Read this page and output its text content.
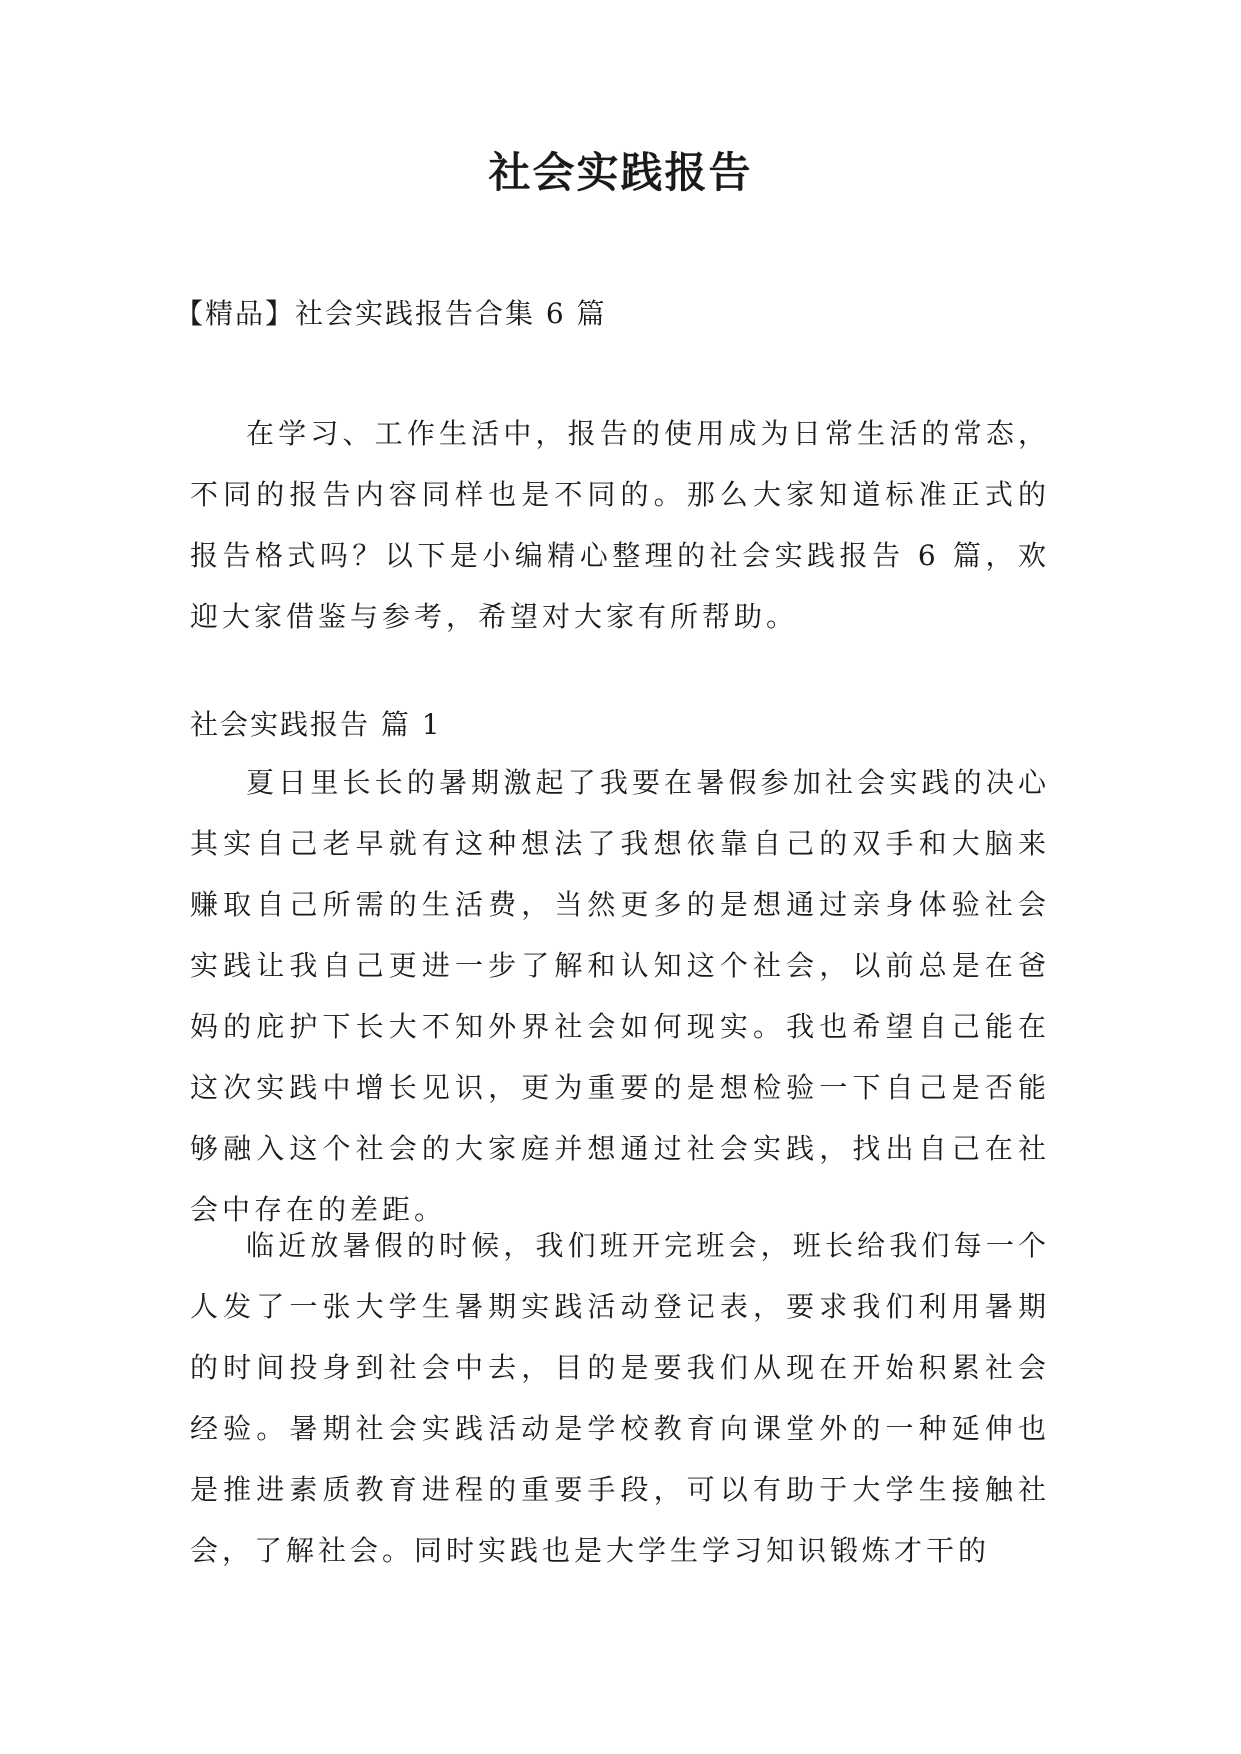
社会实践报告
【精品】社会实践报告合集 6 篇

在学习、工作生活中，报告的使用成为日常生活的常态，不同的报告内容同样也是不同的。那么大家知道标准正式的报告格式吗？以下是小编精心整理的社会实践报告 6 篇，欢迎大家借鉴与参考，希望对大家有所帮助。

社会实践报告 篇 1

夏日里长长的暑期激起了我要在暑假参加社会实践的决心其实自己老早就有这种想法了我想依靠自己的双手和大脑来赚取自己所需的生活费，当然更多的是想通过亲身体验社会实践让我自己更进一步了解和认知这个社会，以前总是在爸妈的庇护下长大不知外界社会如何现实。我也希望自己能在这次实践中增长见识，更为重要的是想检验一下自己是否能够融入这个社会的大家庭并想通过社会实践，找出自己在社会中存在的差距。

临近放暑假的时候，我们班开完班会，班长给我们每一个人发了一张大学生暑期实践活动登记表，要求我们利用暑期的时间投身到社会中去，目的是要我们从现在开始积累社会经验。暑期社会实践活动是学校教育向课堂外的一种延伸也是推进素质教育进程的重要手段，可以有助于大学生接触社会，了解社会。同时实践也是大学生学习知识锻炼才干的
